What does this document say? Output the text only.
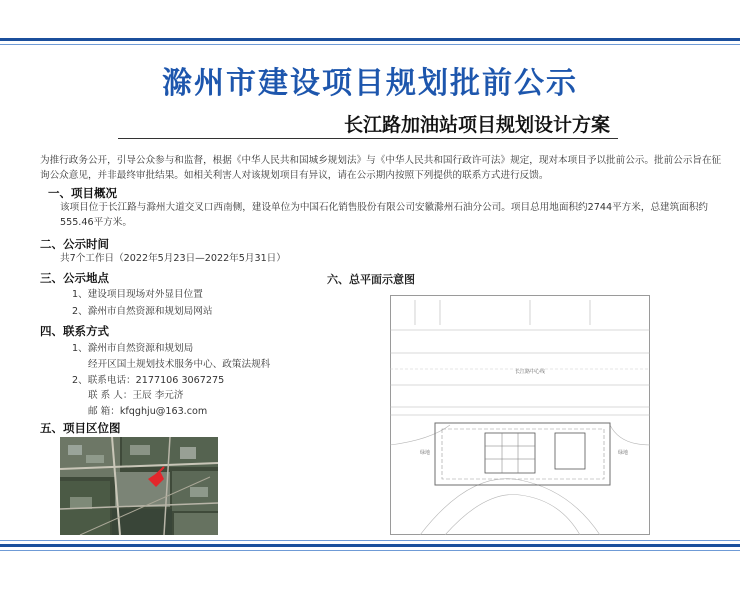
滁州市建设项目规划批前公示
长江路加油站项目规划设计方案
为推行政务公开，引导公众参与和监督，根据《中华人民共和国城乡规划法》与《中华人民共和国行政许可法》规定，现对本项目予以批前公示。批前公示旨在征询公众意见，并非最终审批结果。如相关利害人对该规划项目有异议，请在公示期内按照下列提供的联系方式进行反馈。
一、项目概况
该项目位于长江路与滁州大道交叉口西南侧，建设单位为中国石化销售股份有限公司安徽滁州石油分公司。项目总用地面积约2744平方米，总建筑面积约555.46平方米。
二、公示时间
共7个工作日（2022年5月23日—2022年5月31日）
三、公示地点
1、建设项目现场对外显目位置
2、滁州市自然资源和规划局网站
四、联系方式
1、滁州市自然资源和规划局
经开区国土规划技术服务中心、政策法规科
2、联系电话：2177106 3067275
联 系 人：王辰 李元济
邮 箱：kfqghju@163.com
五、项目区位图
六、总平面示意图
长江路中心线
绿地	绿地
